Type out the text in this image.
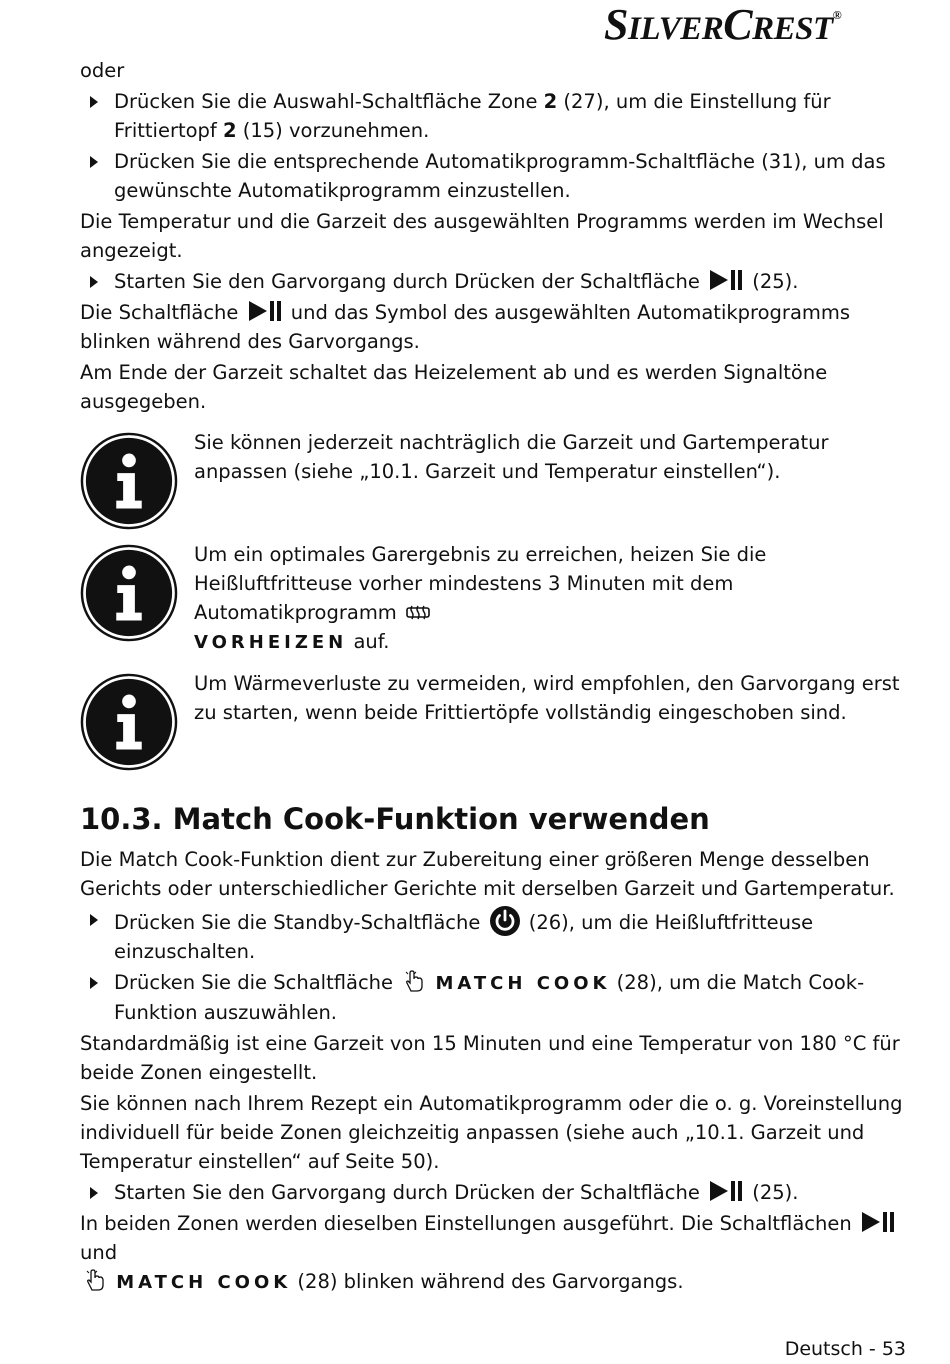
SILVERCREST®

oder

Drücken Sie die Auswahl-Schaltfläche Zone 2 (27), um die Einstellung für Frittiertopf 2 (15) vorzunehmen.

Drücken Sie die entsprechende Automatikprogramm-Schaltfläche (31), um das gewünschte Automatikprogramm einzustellen.

Die Temperatur und die Garzeit des ausgewählten Programms werden im Wechsel angezeigt.

Starten Sie den Garvorgang durch Drücken der Schaltfläche  (25).

Die Schaltfläche  und das Symbol des ausgewählten Automatikprogramms blinken während des Garvorgangs.

Am Ende der Garzeit schaltet das Heizelement ab und es werden Signaltöne ausgegeben.

Sie können jederzeit nachträglich die Garzeit und Gartemperatur anpassen (siehe „10.1. Garzeit und Temperatur einstellen“).

Um ein optimales Garergebnis zu erreichen, heizen Sie die Heißluftfritteuse vorher mindestens 3 Minuten mit dem Automatikprogramm
VORHEIZEN auf.

Um Wärmeverluste zu vermeiden, wird empfohlen, den Garvorgang erst zu starten, wenn beide Frittiertöpfe vollständig eingeschoben sind.

10.3. Match Cook-Funktion verwenden

Die Match Cook-Funktion dient zur Zubereitung einer größeren Menge desselben Gerichts oder unterschiedlicher Gerichte mit derselben Garzeit und Gartemperatur.

Drücken Sie die Standby-Schaltfläche  (26), um die Heißluftfritteuse einzuschalten.

Drücken Sie die Schaltfläche  MATCH COOK (28), um die Match Cook-Funktion auszuwählen.

Standardmäßig ist eine Garzeit von 15 Minuten und eine Temperatur von 180 °C für beide Zonen eingestellt.

Sie können nach Ihrem Rezept ein Automatikprogramm oder die o. g. Voreinstellung individuell für beide Zonen gleichzeitig anpassen (siehe auch „10.1. Garzeit und Temperatur einstellen“ auf Seite 50).

Starten Sie den Garvorgang durch Drücken der Schaltfläche  (25).

In beiden Zonen werden dieselben Einstellungen ausgeführt. Die Schaltflächen  und
MATCH COOK (28) blinken während des Garvorgangs.

Deutsch - 53
